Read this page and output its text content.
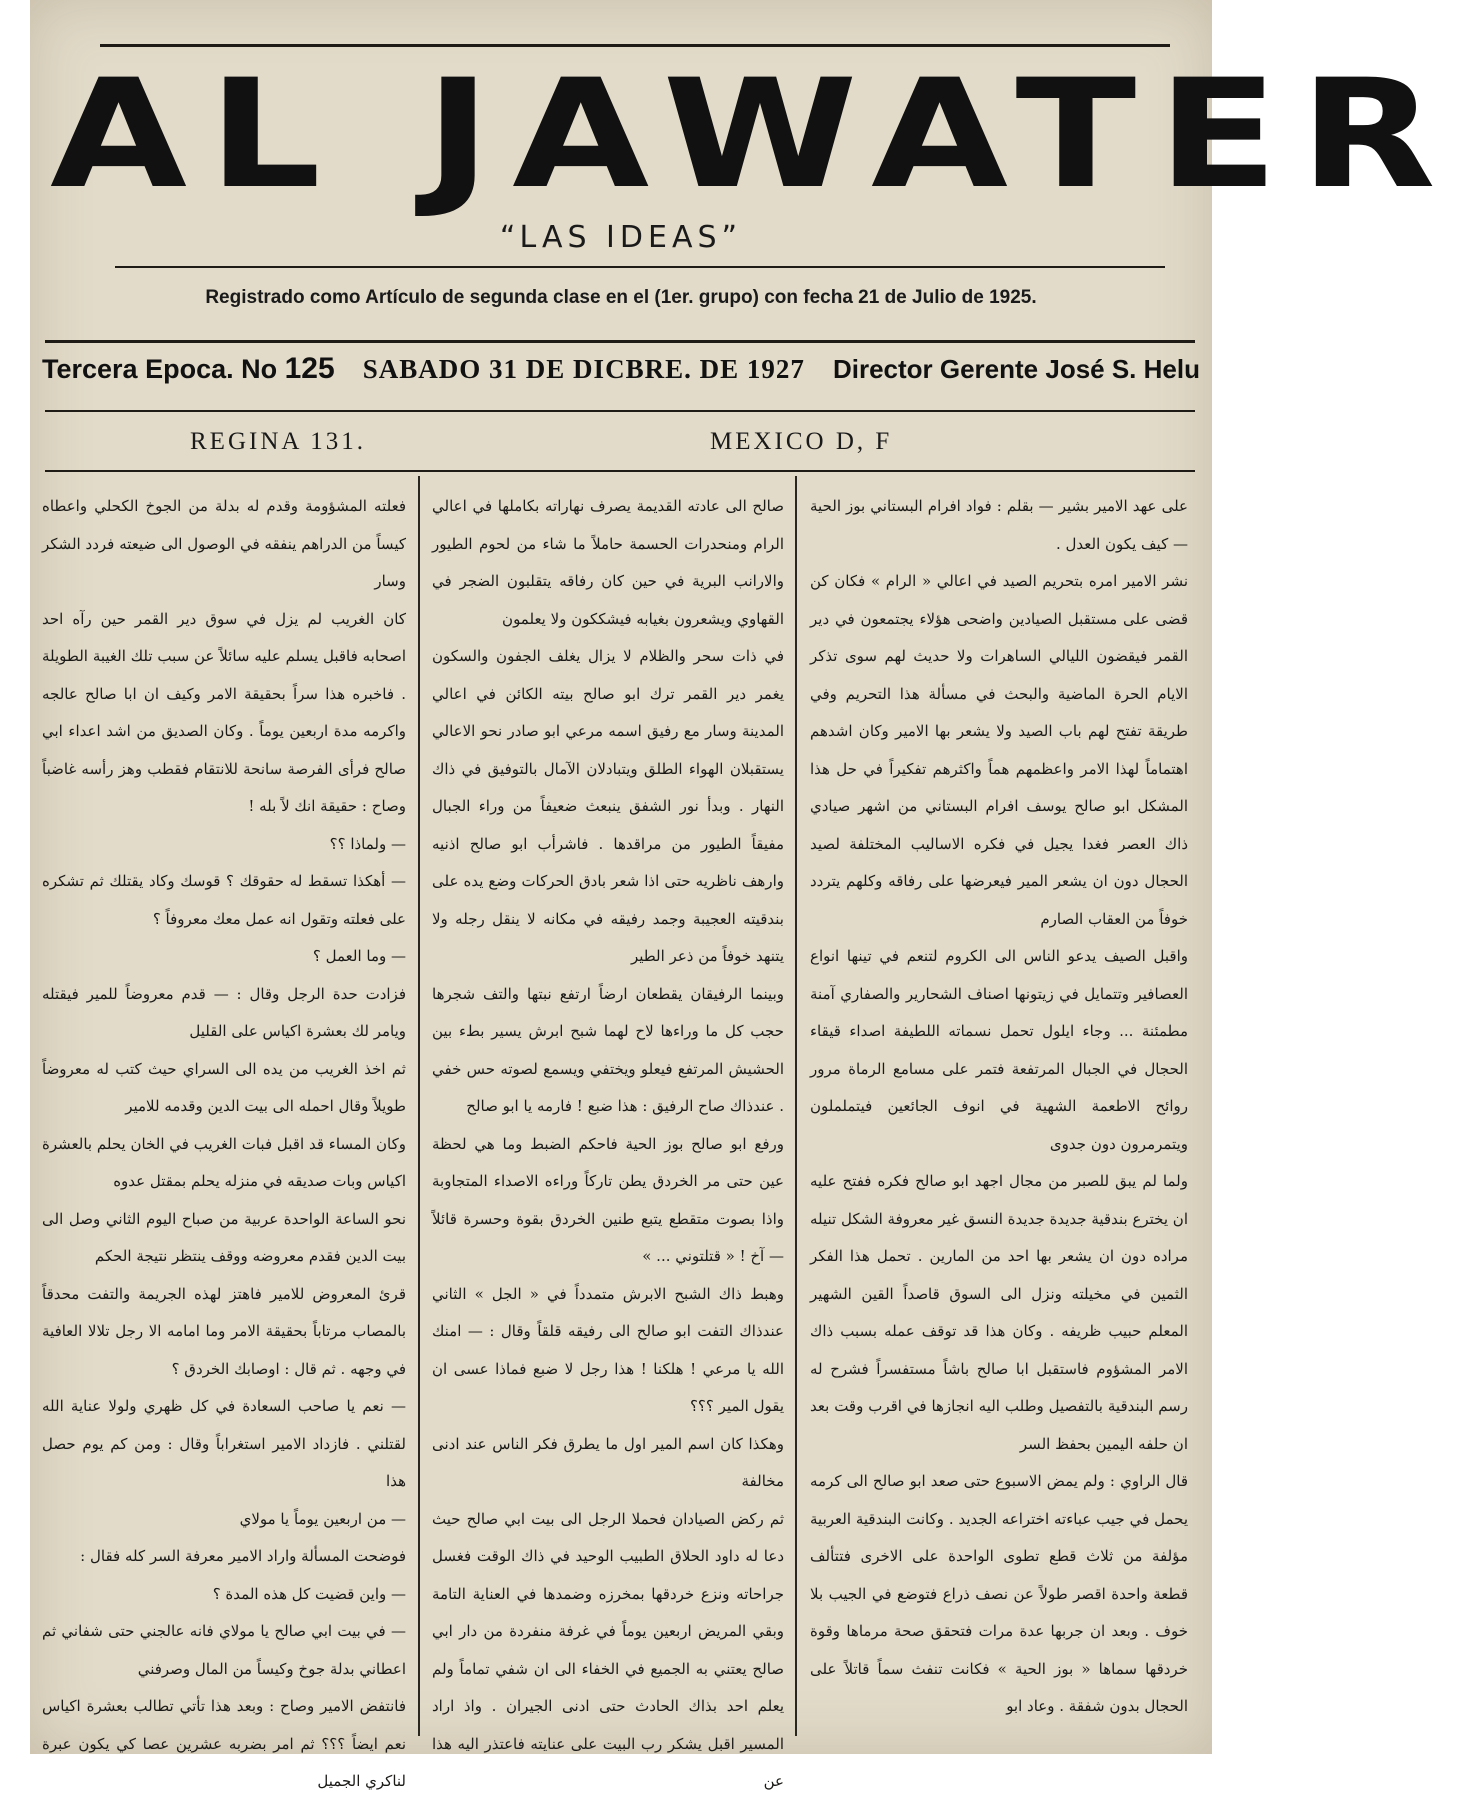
AL JAWATER
“LAS IDEAS”
Registrado como Artículo de segunda clase en el (1er. grupo) con fecha 21 de Julio de 1925.
Tercera Epoca. No 125 SABADO 31 DE DICBRE. DE 1927 Director Gerente José S. Helu
REGINA 131.	MEXICO D, F

على عهد الامير بشير — بقلم : فواد افرام البستاني بوز الحية — كيف يكون العدل .

نشر الامير امره بتحريم الصيد في اعالي « الرام » فكان كن قضى على مستقبل الصيادين واضحى هؤلاء يجتمعون في دير القمر فيقضون الليالي الساهرات ولا حديث لهم سوى تذكر الايام الحرة الماضية والبحث في مسألة هذا التحريم وفي طريقة تفتح لهم باب الصيد ولا يشعر بها الامير وكان اشدهم اهتماماً لهذا الامر واعظمهم هماً واكثرهم تفكيراً في حل هذا المشكل ابو صالح يوسف افرام البستاني من اشهر صيادي ذاك العصر فغدا يجيل في فكره الاساليب المختلفة لصيد الحجال دون ان يشعر المير فيعرضها على رفاقه وكلهم يتردد خوفاً من العقاب الصارم

واقبل الصيف يدعو الناس الى الكروم لتنعم في تينها انواع العصافير وتتمايل في زيتونها اصناف الشحارير والصفاري آمنة مطمئنة ... وجاء ايلول تحمل نسماته اللطيفة اصداء قيقاء الحجال في الجبال المرتفعة فتمر على مسامع الرماة مرور روائح الاطعمة الشهية في انوف الجائعين فيتململون ويتمرمرون دون جدوى

ولما لم يبق للصبر من مجال اجهد ابو صالح فكره ففتح عليه ان يخترع بندقية جديدة جديدة النسق غير معروفة الشكل تنيله مراده دون ان يشعر بها احد من المارين . تحمل هذا الفكر الثمين في مخيلته ونزل الى السوق قاصداً القين الشهير المعلم حبيب ظريفه . وكان هذا قد توقف عمله بسبب ذاك الامر المشؤوم فاستقبل ابا صالح باشاً مستفسراً فشرح له رسم البندقية بالتفصيل وطلب اليه انجازها في اقرب وقت بعد ان حلفه اليمين بحفظ السر

قال الراوي : ولم يمض الاسبوع حتى صعد ابو صالح الى كرمه يحمل في جيب عباءته اختراعه الجديد . وكانت البندقية العربية مؤلفة من ثلاث قطع تطوى الواحدة على الاخرى فتتألف قطعة واحدة اقصر طولاً عن نصف ذراع فتوضع في الجيب بلا خوف . وبعد ان جربها عدة مرات فتحقق صحة مرماها وقوة خردقها سماها « بوز الحية » فكانت تنفث سماً قاتلاً على الحجال بدون شفقة . وعاد ابو

صالح الى عادته القديمة يصرف نهاراته بكاملها في اعالي الرام ومنحدرات الحسمة حاملاً ما شاء من لحوم الطيور والارانب البرية في حين كان رفاقه يتقلبون الضجر في القهاوي ويشعرون بغيابه فيشككون ولا يعلمون

في ذات سحر والظلام لا يزال يغلف الجفون والسكون يغمر دير القمر ترك ابو صالح بيته الكائن في اعالي المدينة وسار مع رفيق اسمه مرعي ابو صادر نحو الاعالي يستقبلان الهواء الطلق ويتبادلان الآمال بالتوفيق في ذاك النهار . وبدأ نور الشفق ينبعث ضعيفاً من وراء الجبال مفيقاً الطيور من مراقدها . فاشرأب ابو صالح اذنيه وارهف ناظريه حتى اذا شعر بادق الحركات وضع يده على بندقيته العجيبة وجمد رفيقه في مكانه لا ينقل رجله ولا يتنهد خوفاً من ذعر الطير

وبينما الرفيقان يقطعان ارضاً ارتفع نبتها والتف شجرها حجب كل ما وراءها لاح لهما شبح ابرش يسير بطء بين الحشيش المرتفع فيعلو ويختفي ويسمع لصوته حس خفي . عندذاك صاح الرفيق : هذا ضبع ! فارمه يا ابو صالح

ورفع ابو صالح بوز الحية فاحكم الضبط وما هي لحظة عين حتى مر الخردق يطن تاركاً وراءه الاصداء المتجاوبة واذا بصوت متقطع يتبع طنين الخردق بقوة وحسرة قائلاً — آخ ! « قتلتوني ... »

وهبط ذاك الشبح الابرش متمدداً في « الجل » الثاني عندذاك التفت ابو صالح الى رفيقه قلقاً وقال : — امنك الله يا مرعي ! هلكنا ! هذا رجل لا ضبع فماذا عسى ان يقول المير ؟؟؟

وهكذا كان اسم المير اول ما يطرق فكر الناس عند ادنى مخالفة

ثم ركض الصيادان فحملا الرجل الى بيت ابي صالح حيث دعا له داود الحلاق الطبيب الوحيد في ذاك الوقت فغسل جراحاته ونزع خردقها بمخرزه وضمدها في العناية التامة وبقي المريض اربعين يوماً في غرفة منفردة من دار ابي صالح يعتني به الجميع في الخفاء الى ان شفي تماماً ولم يعلم احد بذاك الحادث حتى ادنى الجيران . واذ اراد المسير اقبل يشكر رب البيت على عنايته فاعتذر اليه هذا عن

فعلته المشؤومة وقدم له بدلة من الجوخ الكحلي واعطاه كيساً من الدراهم ينفقه في الوصول الى ضيعته فردد الشكر وسار

كان الغريب لم يزل في سوق دير القمر حين رآه احد اصحابه فاقبل يسلم عليه سائلاً عن سبب تلك الغيبة الطويلة . فاخبره هذا سراً بحقيقة الامر وكيف ان ابا صالح عالجه واكرمه مدة اربعين يوماً . وكان الصديق من اشد اعداء ابي صالح فرأى الفرصة سانحة للانتقام فقطب وهز رأسه غاضباً وصاح : حقيقة انك لاً بله !

— ولماذا ؟؟

— أهكذا تسقط له حقوقك ؟ قوسك وكاد يقتلك ثم تشكره على فعلته وتقول انه عمل معك معروفاً ؟

— وما العمل ؟

فزادت حدة الرجل وقال : — قدم معروضاً للمير فيقتله ويامر لك بعشرة اكياس على القليل

ثم اخذ الغريب من يده الى السراي حيث كتب له معروضاً طويلاً وقال احمله الى بيت الدين وقدمه للامير

وكان المساء قد اقبل فبات الغريب في الخان يحلم بالعشرة اكياس وبات صديقه في منزله يحلم بمقتل عدوه

نحو الساعة الواحدة عربية من صباح اليوم الثاني وصل الى بيت الدين فقدم معروضه ووقف ينتظر نتيجة الحكم

قرئ المعروض للامير فاهتز لهذه الجريمة والتفت محدقاً بالمصاب مرتاباً بحقيقة الامر وما امامه الا رجل تلالا العافية في وجهه . ثم قال : اوصابك الخردق ؟

— نعم يا صاحب السعادة في كل ظهري ولولا عناية الله لقتلني . فازداد الامير استغراباً وقال : ومن كم يوم حصل هذا

— من اربعين يوماً يا مولاي

فوضحت المسألة واراد الامير معرفة السر كله فقال :

— واين قضيت كل هذه المدة ؟

— في بيت ابي صالح يا مولاي فانه عالجني حتى شفاني ثم اعطاني بدلة جوخ وكيساً من المال وصرفني

فانتفض الامير وصاح : وبعد هذا تأتي تطالب بعشرة اكياس نعم ايضاً ؟؟؟ ثم امر بضربه عشرين عصا كي يكون عبرة لناكري الجميل
